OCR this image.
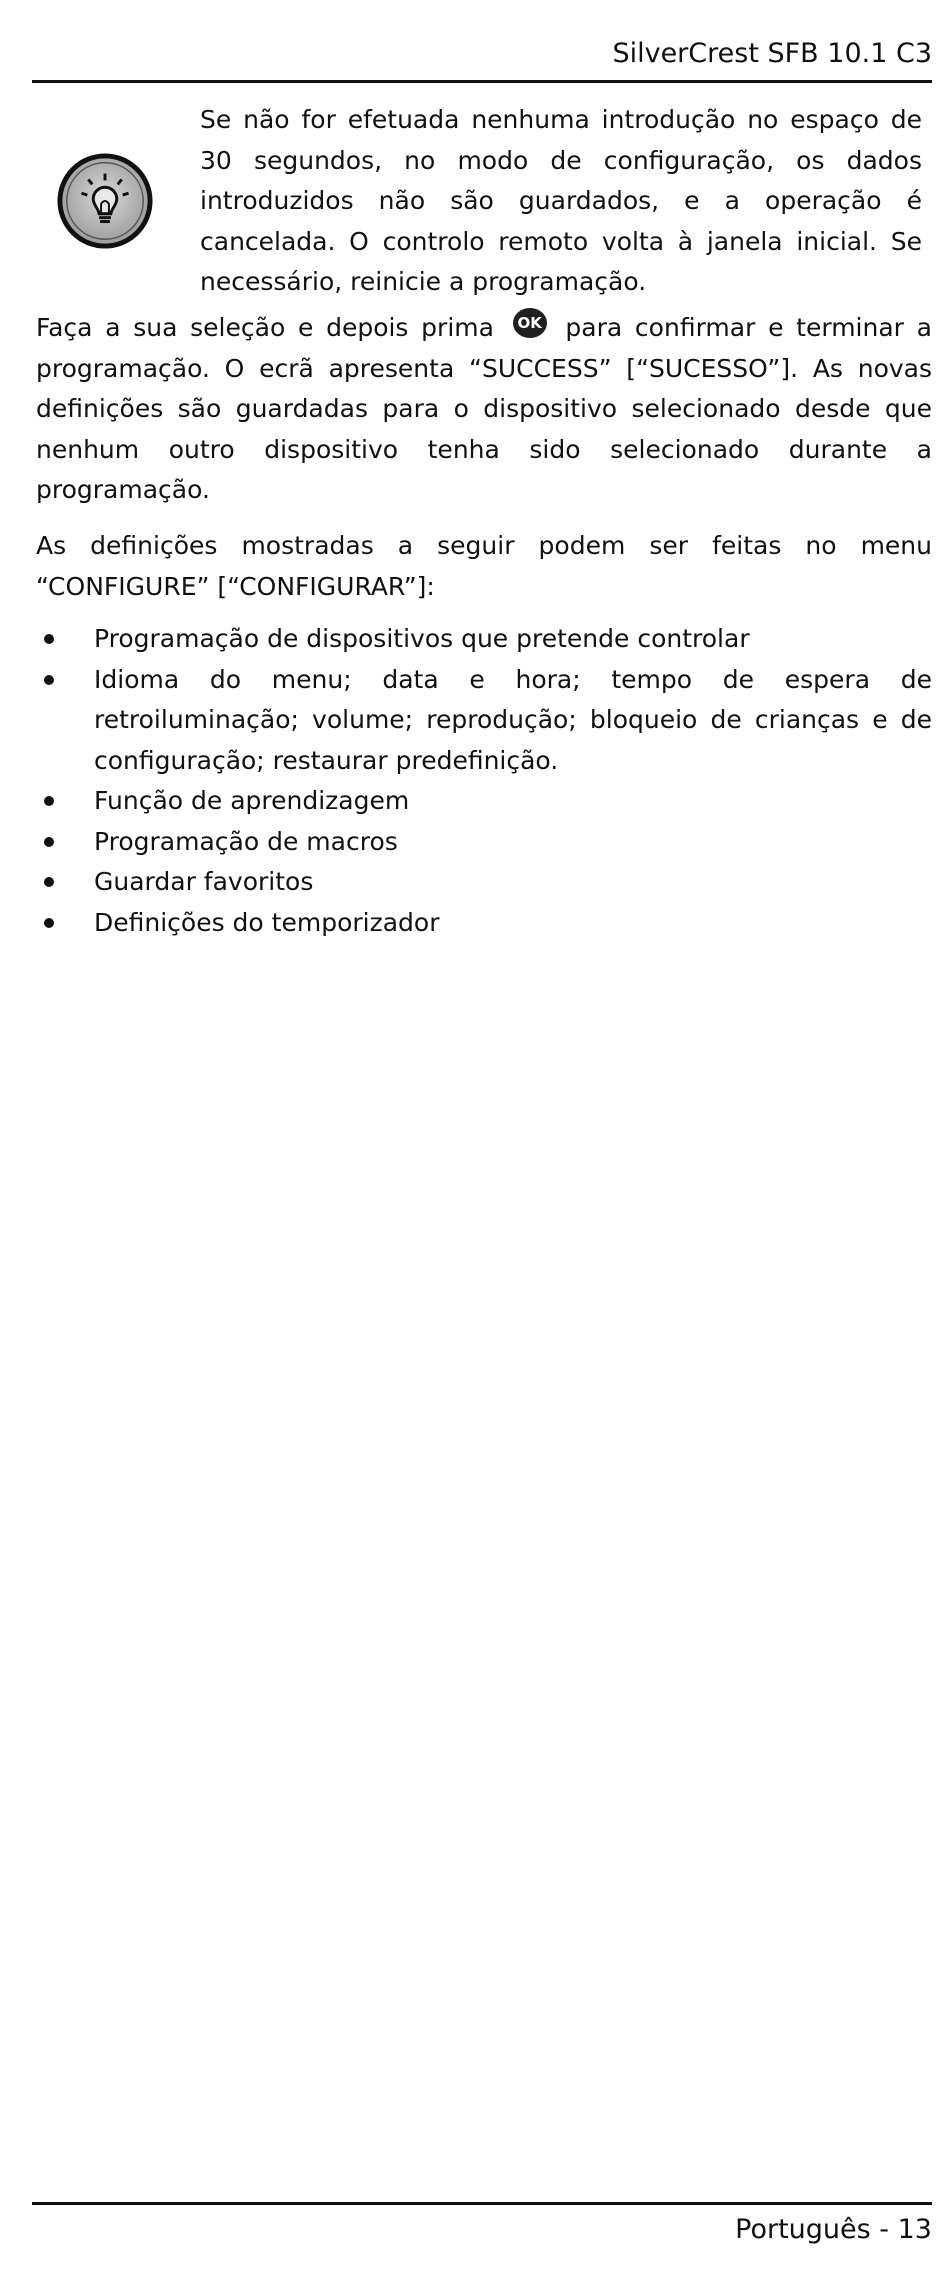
SilverCrest SFB 10.1 C3
Se não for efetuada nenhuma introdução no espaço de 30 segundos, no modo de configuração, os dados introduzidos não são guardados, e a operação é cancelada. O controlo remoto volta à janela inicial. Se necessário, reinicie a programação.
Faça a sua seleção e depois prima OK para confirmar e terminar a programação. O ecrã apresenta “SUCCESS” [“SUCESSO”]. As novas definições são guardadas para o dispositivo selecionado desde que nenhum outro dispositivo tenha sido selecionado durante a programação.
As definições mostradas a seguir podem ser feitas no menu “CONFIGURE” [“CONFIGURAR”]:
Programação de dispositivos que pretende controlar
Idioma do menu; data e hora; tempo de espera de retroiluminação; volume; reprodução; bloqueio de crianças e de configuração; restaurar predefinição.
Função de aprendizagem
Programação de macros
Guardar favoritos
Definições do temporizador
Português - 13
